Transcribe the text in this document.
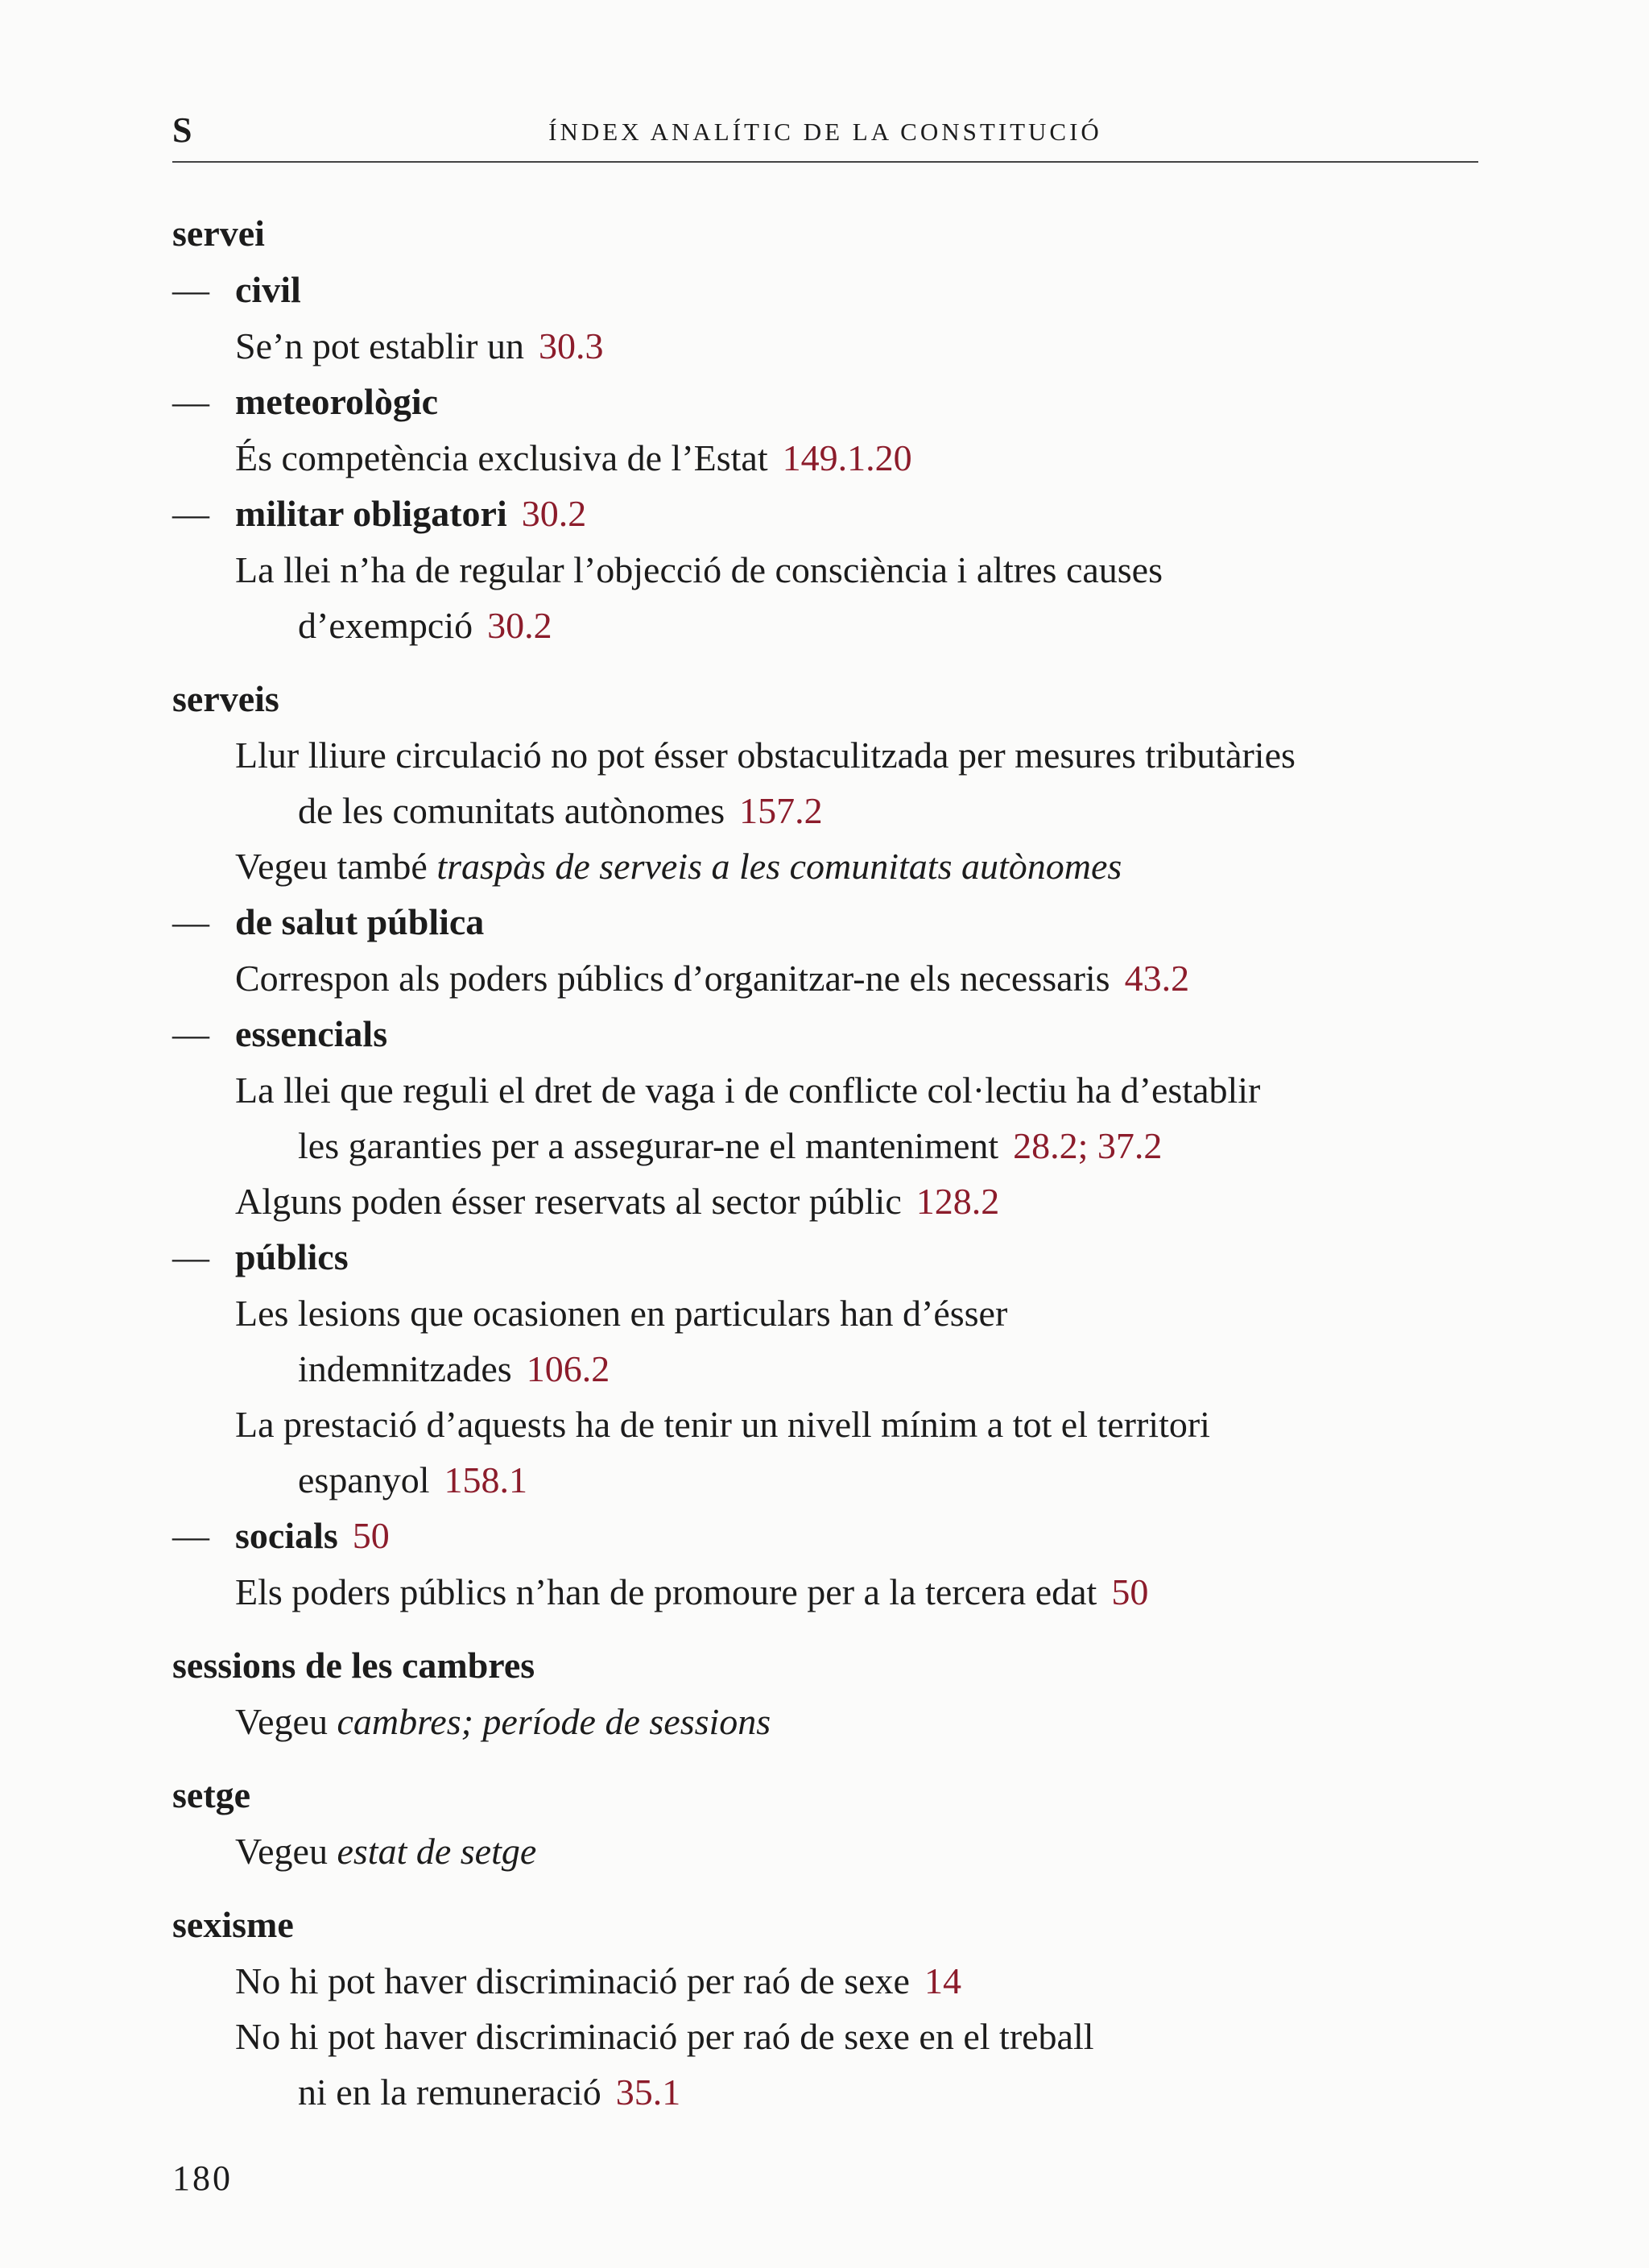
S	ÍNDEX ANALÍTIC DE LA CONSTITUCIÓ
servei
— civil
Se’n pot establir un 30.3
— meteorològic
És competència exclusiva de l’Estat 149.1.20
— militar obligatori 30.2
La llei n’ha de regular l’objecció de consciència i altres causes
d’exempció 30.2
serveis
Llur lliure circulació no pot ésser obstaculitzada per mesures tributàries
de les comunitats autònomes 157.2
Vegeu també traspàs de serveis a les comunitats autònomes
— de salut pública
Correspon als poders públics d’organitzar-ne els necessaris 43.2
— essencials
La llei que reguli el dret de vaga i de conflicte col·lectiu ha d’establir
les garanties per a assegurar-ne el manteniment 28.2; 37.2
Alguns poden ésser reservats al sector públic 128.2
— públics
Les lesions que ocasionen en particulars han d’ésser
indemnitzades 106.2
La prestació d’aquests ha de tenir un nivell mínim a tot el territori
espanyol 158.1
— socials 50
Els poders públics n’han de promoure per a la tercera edat 50
sessions de les cambres
Vegeu cambres; període de sessions
setge
Vegeu estat de setge
sexisme
No hi pot haver discriminació per raó de sexe 14
No hi pot haver discriminació per raó de sexe en el treball
ni en la remuneració 35.1
180
